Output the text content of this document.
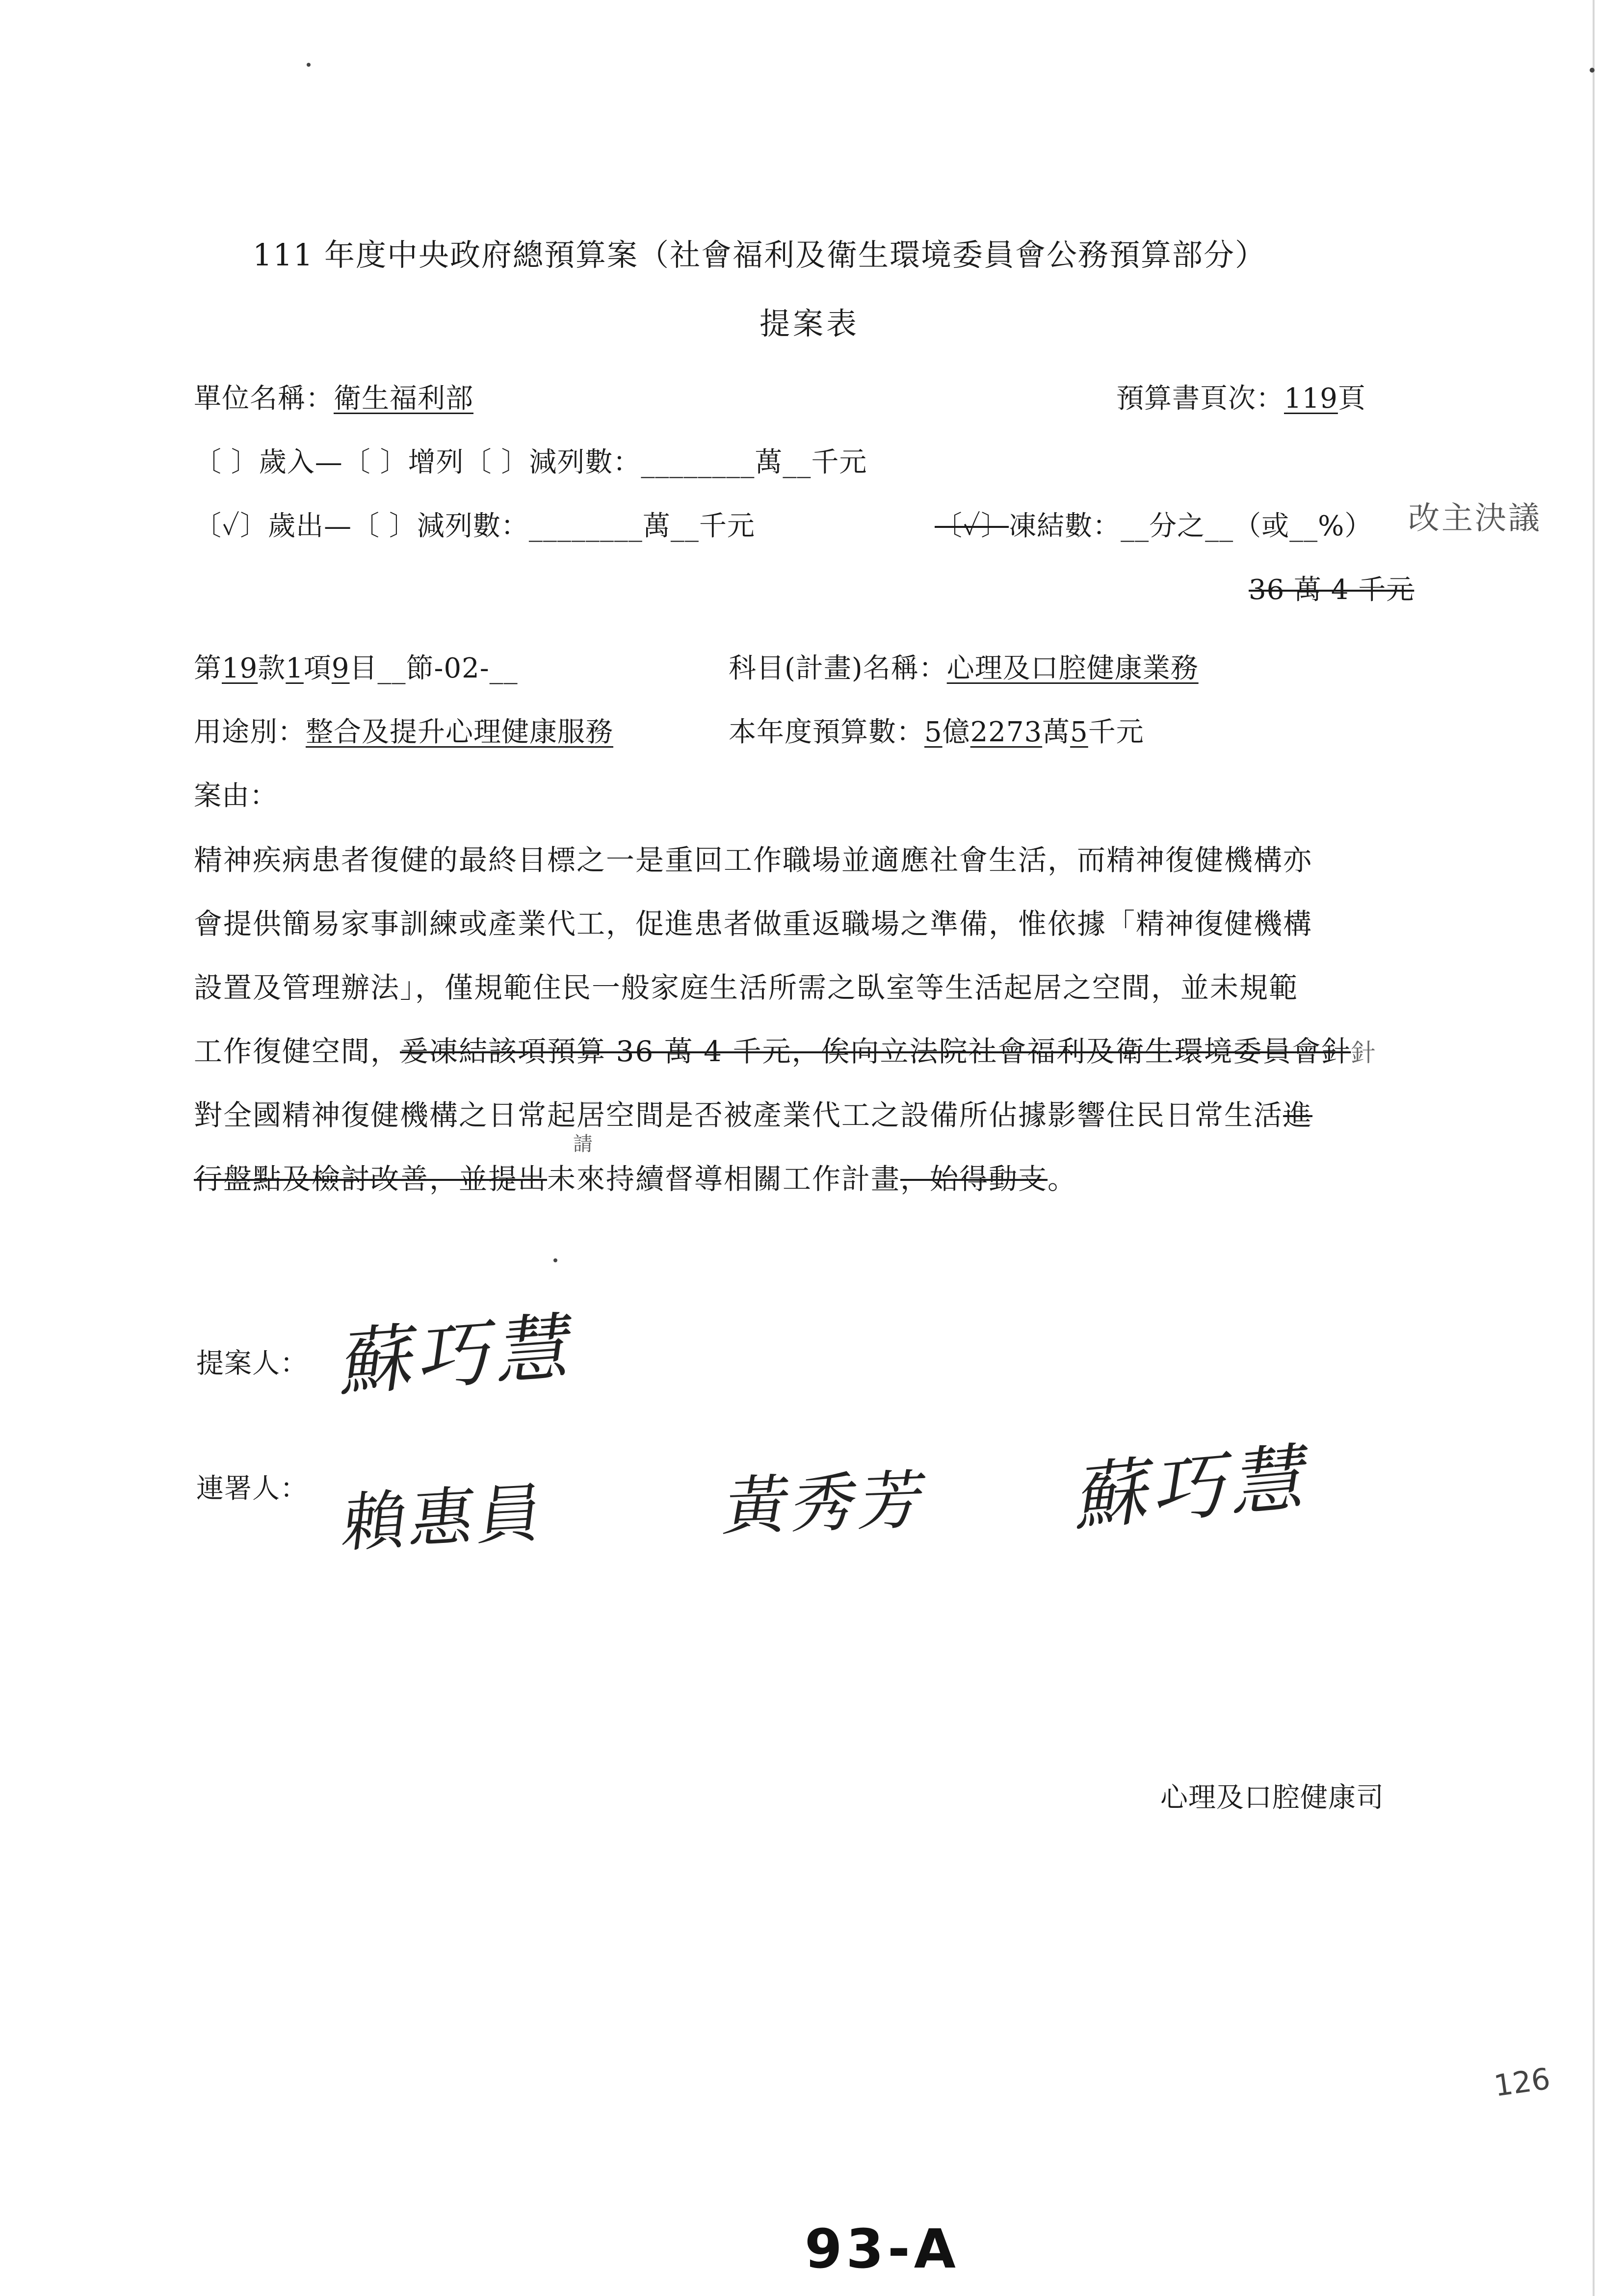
111 年度中央政府總預算案（社會福利及衛生環境委員會公務預算部分）
提案表
單位名稱：衛生福利部	預算書頁次：119頁
〔 〕歲入—〔 〕增列〔 〕減列數：________萬__千元
〔✓〕歲出—〔 〕減列數：________萬__千元	〔✓〕凍結數：__分之__（或__%） 改主決議
36 萬 4 千元
第19款1項9目__節-02-__	科目(計畫)名稱：心理及口腔健康業務
用途別：整合及提升心理健康服務	本年度預算數：5億2273萬5千元
案由：
精神疾病患者復健的最終目標之一是重回工作職場並適應社會生活，而精神復健機構亦
會提供簡易家事訓練或產業代工，促進患者做重返職場之準備，惟依據「精神復健機構
設置及管理辦法」，僅規範住民一般家庭生活所需之臥室等生活起居之空間，並未規範
工作復健空間，爰凍結該項預算 36 萬 4 千元，俟向立法院社會福利及衛生環境委員會針針
對全國精神復健機構之日常起居空間是否被產業代工之設備所佔據影響住民日常生活進
請
行盤點及檢討改善，並提出未來持續督導相關工作計畫，始得動支。
提案人： 蘇巧慧
連署人： 賴惠員	黃秀芳 蘇巧慧
心理及口腔健康司
126
93-A
